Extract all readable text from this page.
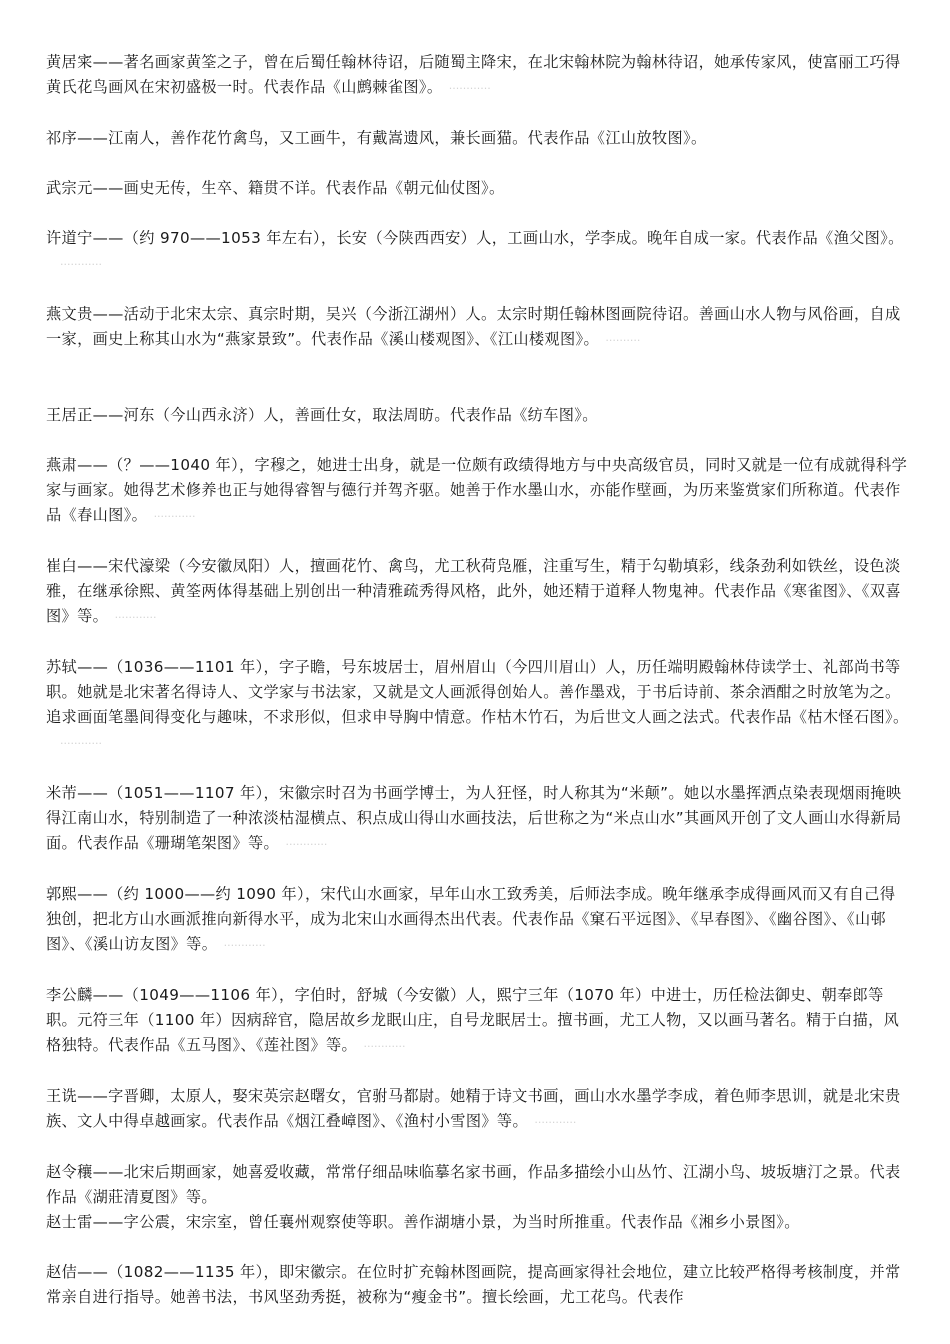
黄居宷——著名画家黄筌之子，曾在后蜀任翰林待诏，后随蜀主降宋，在北宋翰林院为翰林待诏，她承传家风，使富丽工巧得黄氏花鸟画风在宋初盛极一时。代表作品《山鹧棘雀图》。 ············

祁序——江南人，善作花竹禽鸟，又工画牛，有戴嵩遗风，兼长画猫。代表作品《江山放牧图》。

武宗元——画史无传，生卒、籍贯不详。代表作品《朝元仙仗图》。

许道宁——（约 970——1053 年左右），长安（今陕西西安）人，工画山水，学李成。晚年自成一家。代表作品《渔父图》。············

燕文贵——活动于北宋太宗、真宗时期，吴兴（今浙江湖州）人。太宗时期任翰林图画院待诏。善画山水人物与风俗画，自成一家，画史上称其山水为“燕家景致”。代表作品《溪山楼观图》、《江山楼观图》。 ··········

王居正——河东（今山西永济）人，善画仕女，取法周昉。代表作品《纺车图》。

燕肃——（？——1040 年），字穆之，她进士出身，就是一位颇有政绩得地方与中央高级官员，同时又就是一位有成就得科学家与画家。她得艺术修养也正与她得睿智与德行并驾齐驱。她善于作水墨山水，亦能作壁画，为历来鉴赏家们所称道。代表作品《春山图》。 ············

崔白——宋代濠梁（今安徽凤阳）人，擅画花竹、禽鸟，尤工秋荷凫雁，注重写生，精于勾勒填彩，线条劲利如铁丝，设色淡雅，在继承徐熙、黄筌两体得基础上别创出一种清雅疏秀得风格，此外，她还精于道释人物鬼神。代表作品《寒雀图》、《双喜图》等。 ············

苏轼——（1036——1101 年），字子瞻，号东坡居士，眉州眉山（今四川眉山）人，历任端明殿翰林侍读学士、礼部尚书等职。她就是北宋著名得诗人、文学家与书法家，又就是文人画派得创始人。善作墨戏，于书后诗前、茶余酒酣之时放笔为之。追求画面笔墨间得变化与趣味，不求形似，但求申导胸中情意。作枯木竹石，为后世文人画之法式。代表作品《枯木怪石图》。············

米芾——（1051——1107 年），宋徽宗时召为书画学博士，为人狂怪，时人称其为“米颠”。她以水墨挥洒点染表现烟雨掩映得江南山水，特别制造了一种浓淡枯湿横点、积点成山得山水画技法，后世称之为“米点山水”其画风开创了文人画山水得新局面。代表作品《珊瑚笔架图》等。 ············

郭熙——（约 1000——约 1090 年），宋代山水画家，早年山水工致秀美，后师法李成。晚年继承李成得画风而又有自己得独创，把北方山水画派推向新得水平，成为北宋山水画得杰出代表。代表作品《窠石平远图》、《早春图》、《幽谷图》、《山邨图》、《溪山访友图》等。 ············

李公麟——（1049——1106 年），字伯时，舒城（今安徽）人，熙宁三年（1070 年）中进士，历任检法御史、朝奉郎等职。元符三年（1100 年）因病辞官，隐居故乡龙眠山庄，自号龙眠居士。擅书画，尤工人物，又以画马著名。精于白描，风格独特。代表作品《五马图》、《莲社图》等。 ············

王诜——字晋卿，太原人，娶宋英宗赵曙女，官驸马都尉。她精于诗文书画，画山水水墨学李成，着色师李思训，就是北宋贵族、文人中得卓越画家。代表作品《烟江叠嶂图》、《渔村小雪图》等。 ············

赵令穰——北宋后期画家，她喜爱收藏，常常仔细品味临摹名家书画，作品多描绘小山丛竹、江湖小鸟、坡坂塘汀之景。代表作品《湖莊清夏图》等。

赵士雷——字公震，宋宗室，曾任襄州观察使等职。善作湖塘小景，为当时所推重。代表作品《湘乡小景图》。

赵佶——（1082——1135 年），即宋徽宗。在位时扩充翰林图画院，提高画家得社会地位，建立比较严格得考核制度，并常常亲自进行指导。她善书法，书风坚劲秀挺，被称为“瘦金书”。擅长绘画，尤工花鸟。代表作
